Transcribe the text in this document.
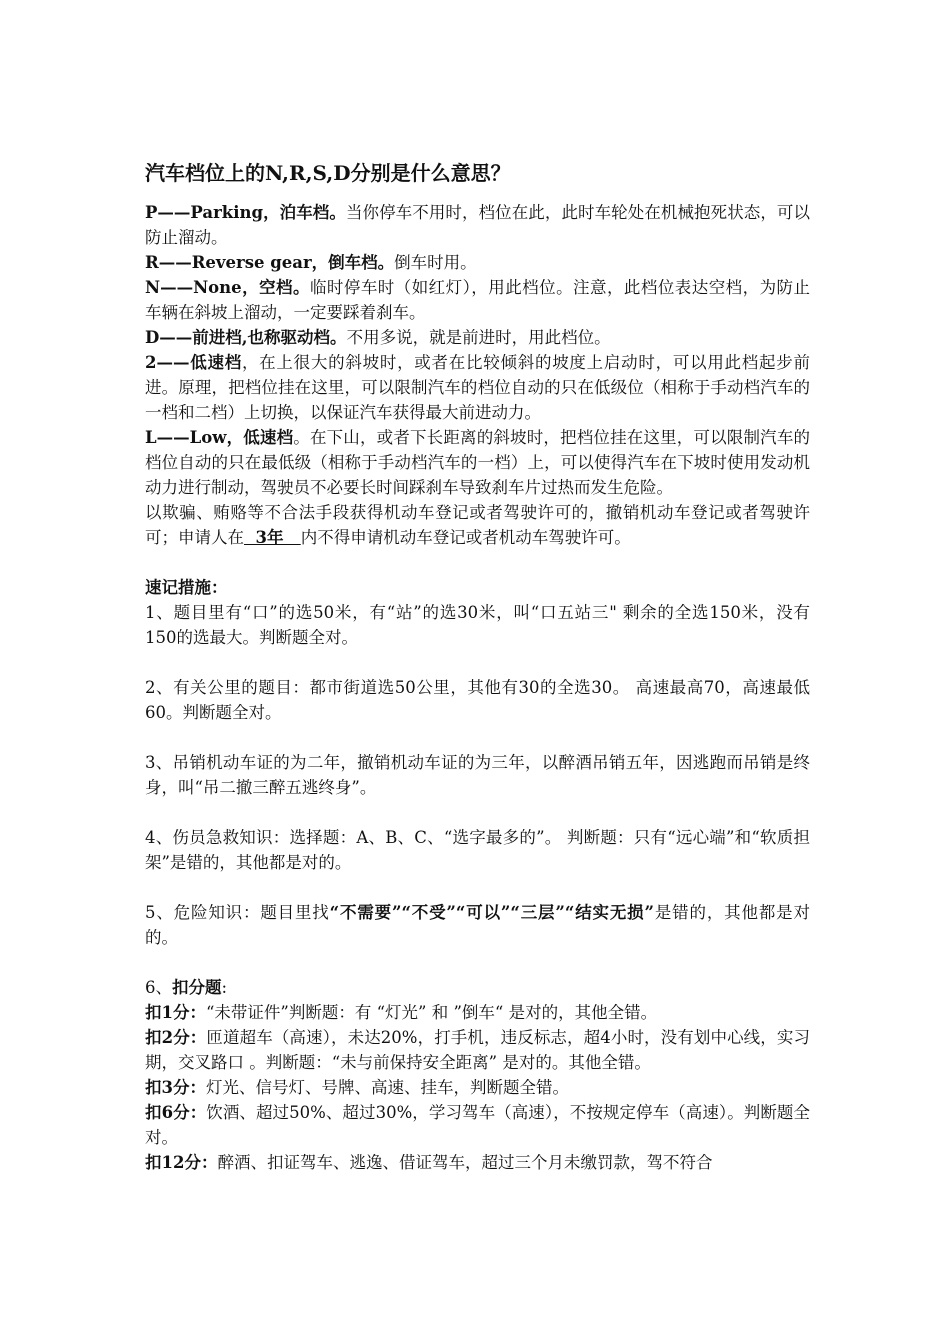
汽车档位上的N,R,S,D分别是什么意思？

P——Parking，泊车档。当你停车不用时，档位在此，此时车轮处在机械抱死状态，可以防止溜动。

R——Reverse gear，倒车档。倒车时用。

N——None，空档。临时停车时（如红灯），用此档位。注意，此档位表达空档，为防止车辆在斜坡上溜动，一定要踩着刹车。

D——前进档,也称驱动档。不用多说，就是前进时，用此档位。

2——低速档，在上很大的斜坡时，或者在比较倾斜的坡度上启动时，可以用此档起步前进。原理，把档位挂在这里，可以限制汽车的档位自动的只在低级位（相称于手动档汽车的一档和二档）上切换，以保证汽车获得最大前进动力。

L——Low，低速档。在下山，或者下长距离的斜坡时，把档位挂在这里，可以限制汽车的档位自动的只在最低级（相称于手动档汽车的一档）上，可以使得汽车在下坡时使用发动机动力进行制动，驾驶员不必要长时间踩刹车导致刹车片过热而发生危险。

以欺骗、贿赂等不合法手段获得机动车登记或者驾驶许可的，撤销机动车登记或者驾驶许可；申请人在  3年   内不得申请机动车登记或者机动车驾驶许可。

速记措施：

1、题目里有“口”的选50米，有“站”的选30米，叫“口五站三" 剩余的全选150米，没有150的选最大。判断题全对。

2、有关公里的题目：都市街道选50公里，其他有30的全选30。 高速最高70，高速最低60。判断题全对。

3、吊销机动车证的为二年，撤销机动车证的为三年，以醉酒吊销五年，因逃跑而吊销是终身，叫“吊二撤三醉五逃终身”。

4、伤员急救知识：选择题：A、B、C、“选字最多的”。 判断题：只有“远心端”和“软质担架”是错的，其他都是对的。

5、危险知识：题目里找“不需要”“不受”“可以”“三层”“结实无损”是错的，其他都是对的。

6、扣分题:

扣1分：“未带证件”判断题：有 “灯光” 和 ”倒车“ 是对的，其他全错。

扣2分：匝道超车（高速），未达20%，打手机，违反标志，超4小时，没有划中心线，实习期，交叉路口 。判断题：“未与前保持安全距离” 是对的。其他全错。

扣3分：灯光、信号灯、号牌、高速、挂车，判断题全错。

扣6分：饮酒、超过50%、超过30%，学习驾车（高速），不按规定停车（高速）。判断题全对。

扣12分：醉酒、扣证驾车、逃逸、借证驾车，超过三个月未缴罚款，驾不符合
